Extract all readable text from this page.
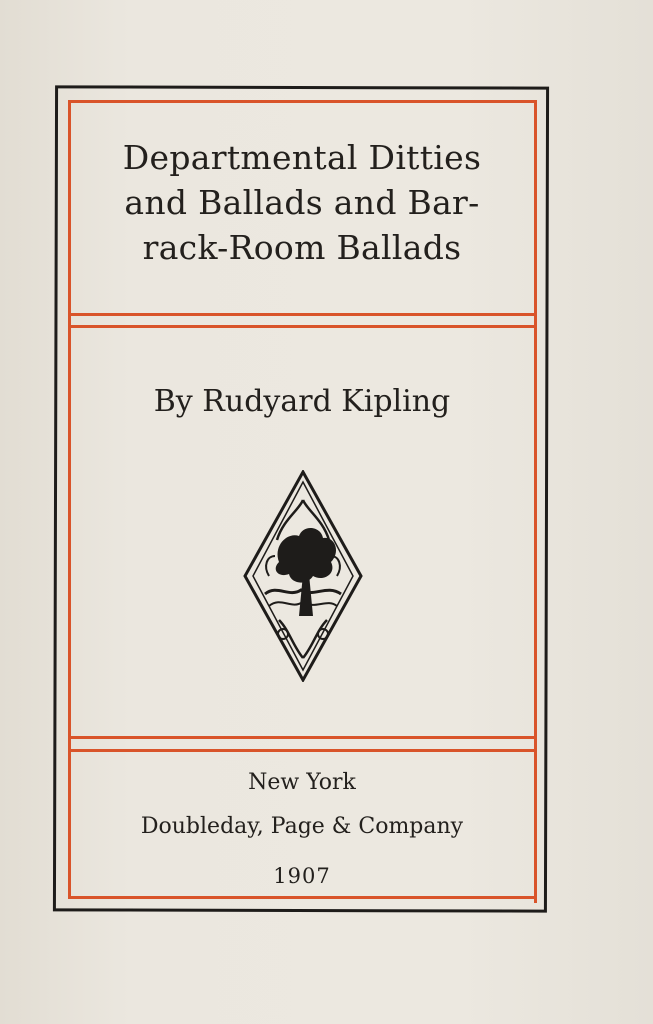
Departmental Ditties
and Ballads and Bar-
rack-Room Ballads

By Rudyard Kipling

New York

Doubleday, Page & Company

1907
